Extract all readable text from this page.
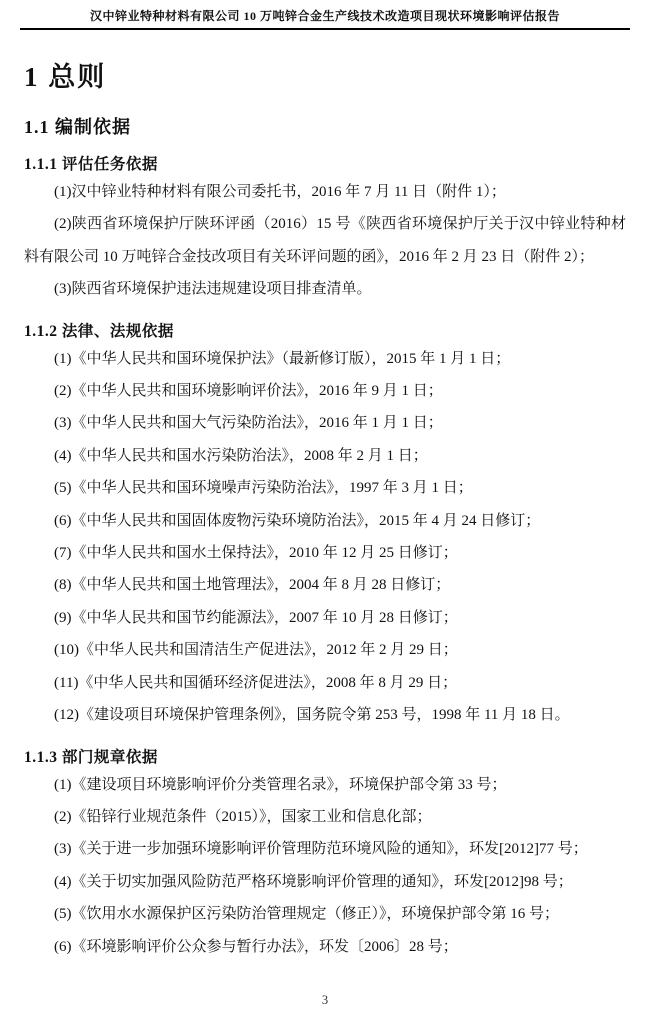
汉中锌业特种材料有限公司 10 万吨锌合金生产线技术改造项目现状环境影响评估报告
1 总则
1.1 编制依据
1.1.1 评估任务依据

(1)汉中锌业特种材料有限公司委托书，2016 年 7 月 11 日（附件 1）；

(2)陕西省环境保护厅陕环评函（2016）15 号《陕西省环境保护厅关于汉中锌业特种材料有限公司 10 万吨锌合金技改项目有关环评问题的函》，2016 年 2 月 23 日（附件 2）；

(3)陕西省环境保护违法违规建设项目排查清单。

1.1.2 法律、法规依据

(1)《中华人民共和国环境保护法》（最新修订版），2015 年 1 月 1 日；

(2)《中华人民共和国环境影响评价法》，2016 年 9 月 1 日；

(3)《中华人民共和国大气污染防治法》，2016 年 1 月 1 日；

(4)《中华人民共和国水污染防治法》，2008 年 2 月 1 日；

(5)《中华人民共和国环境噪声污染防治法》，1997 年 3 月 1 日；

(6)《中华人民共和国固体废物污染环境防治法》，2015 年 4 月 24 日修订；

(7)《中华人民共和国水土保持法》，2010 年 12 月 25 日修订；

(8)《中华人民共和国土地管理法》，2004 年 8 月 28 日修订；

(9)《中华人民共和国节约能源法》，2007 年 10 月 28 日修订；

(10)《中华人民共和国清洁生产促进法》，2012 年 2 月 29 日；

(11)《中华人民共和国循环经济促进法》，2008 年 8 月 29 日；

(12)《建设项目环境保护管理条例》，国务院令第 253 号，1998 年 11 月 18 日。

1.1.3 部门规章依据

(1)《建设项目环境影响评价分类管理名录》，环境保护部令第 33 号；

(2)《铅锌行业规范条件（2015）》，国家工业和信息化部；

(3)《关于进一步加强环境影响评价管理防范环境风险的通知》，环发[2012]77 号；

(4)《关于切实加强风险防范严格环境影响评价管理的通知》，环发[2012]98 号；

(5)《饮用水水源保护区污染防治管理规定（修正）》，环境保护部令第 16 号；

(6)《环境影响评价公众参与暂行办法》，环发〔2006〕28 号；

3
